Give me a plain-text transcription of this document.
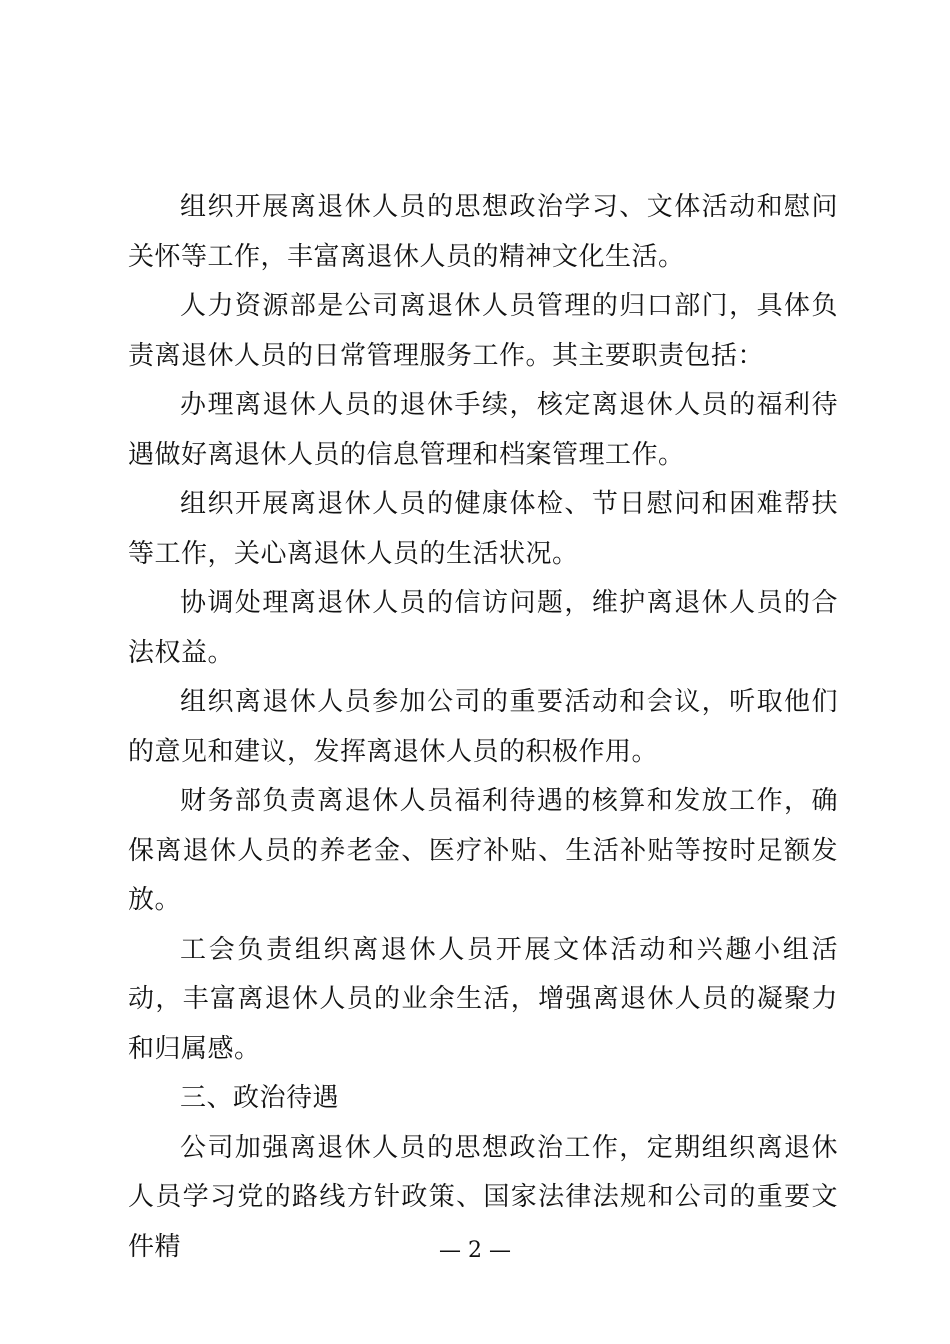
组织开展离退休人员的思想政治学习、文体活动和慰问关怀等工作，丰富离退休人员的精神文化生活。

人力资源部是公司离退休人员管理的归口部门，具体负责离退休人员的日常管理服务工作。其主要职责包括：

办理离退休人员的退休手续，核定离退休人员的福利待遇做好离退休人员的信息管理和档案管理工作。

组织开展离退休人员的健康体检、节日慰问和困难帮扶等工作，关心离退休人员的生活状况。

协调处理离退休人员的信访问题，维护离退休人员的合法权益。

组织离退休人员参加公司的重要活动和会议，听取他们的意见和建议，发挥离退休人员的积极作用。

财务部负责离退休人员福利待遇的核算和发放工作，确保离退休人员的养老金、医疗补贴、生活补贴等按时足额发放。

工会负责组织离退休人员开展文体活动和兴趣小组活动，丰富离退休人员的业余生活，增强离退休人员的凝聚力和归属感。

三、政治待遇

公司加强离退休人员的思想政治工作，定期组织离退休人员学习党的路线方针政策、国家法律法规和公司的重要文件精	— 2 —
